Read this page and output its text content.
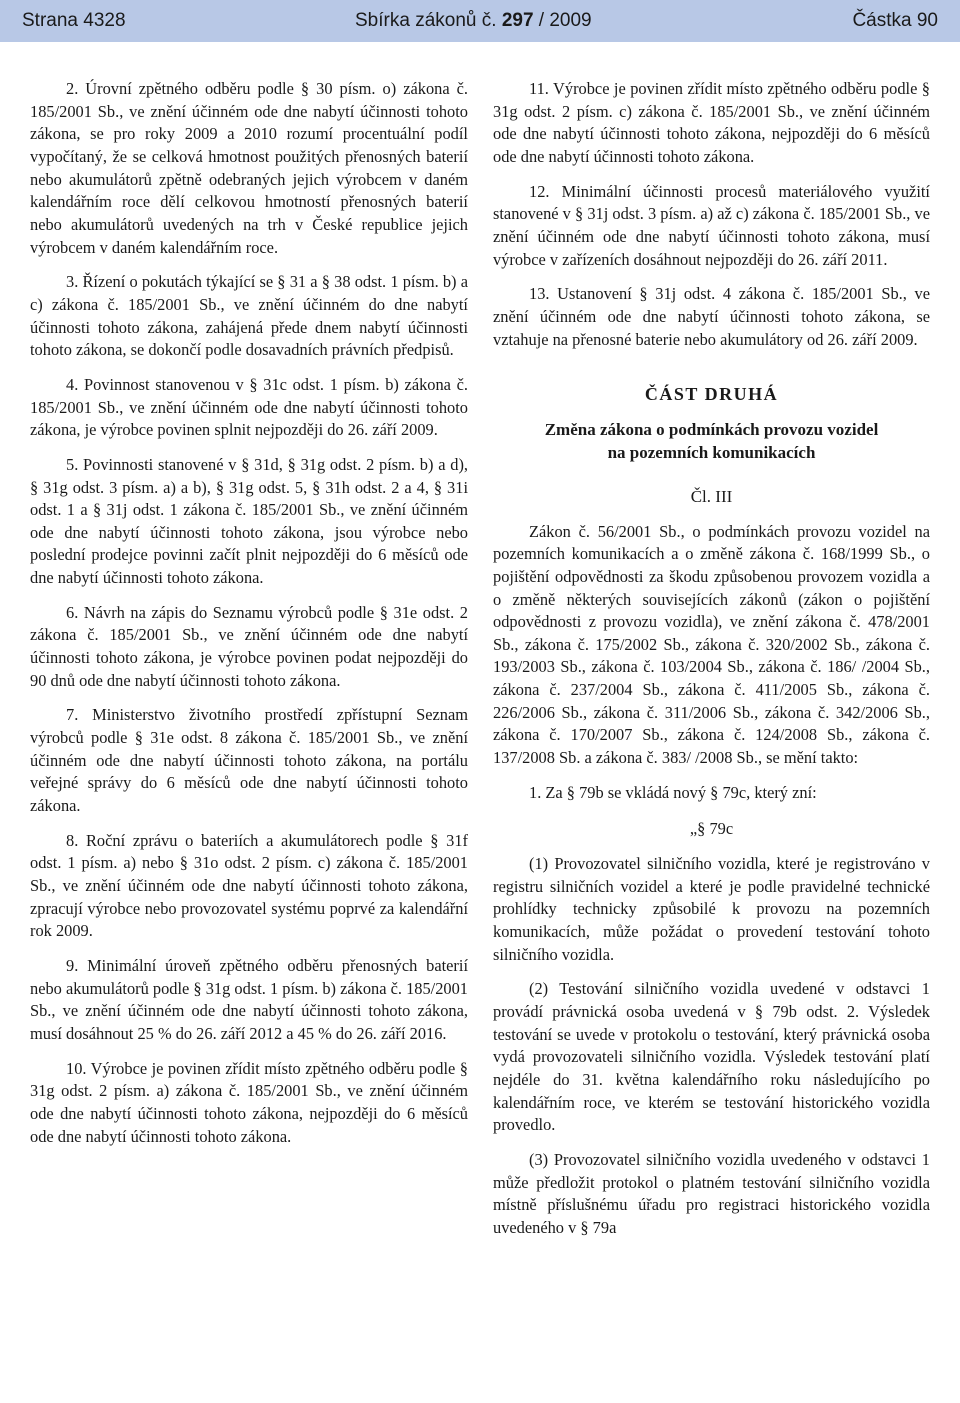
Strana 4328	Sbírka zákonů č. 297 / 2009	Částka 90

2. Úrovní zpětného odběru podle § 30 písm. o) zákona č. 185/2001 Sb., ve znění účinném ode dne nabytí účinnosti tohoto zákona, se pro roky 2009 a 2010 rozumí procentuální podíl vypočítaný, že se celková hmotnost použitých přenosných baterií nebo akumulátorů zpětně odebraných jejich výrobcem v daném kalendářním roce dělí celkovou hmotností přenosných baterií nebo akumulátorů uvedených na trh v České republice jejich výrobcem v daném kalendářním roce.

3. Řízení o pokutách týkající se § 31 a § 38 odst. 1 písm. b) a c) zákona č. 185/2001 Sb., ve znění účinném do dne nabytí účinnosti tohoto zákona, zahájená přede dnem nabytí účinnosti tohoto zákona, se dokončí podle dosavadních právních předpisů.

4. Povinnost stanovenou v § 31c odst. 1 písm. b) zákona č. 185/2001 Sb., ve znění účinném ode dne nabytí účinnosti tohoto zákona, je výrobce povinen splnit nejpozději do 26. září 2009.

5. Povinnosti stanovené v § 31d, § 31g odst. 2 písm. b) a d), § 31g odst. 3 písm. a) a b), § 31g odst. 5, § 31h odst. 2 a 4, § 31i odst. 1 a § 31j odst. 1 zákona č. 185/2001 Sb., ve znění účinném ode dne nabytí účinnosti tohoto zákona, jsou výrobce nebo poslední prodejce povinni začít plnit nejpozději do 6 měsíců ode dne nabytí účinnosti tohoto zákona.

6. Návrh na zápis do Seznamu výrobců podle § 31e odst. 2 zákona č. 185/2001 Sb., ve znění účinném ode dne nabytí účinnosti tohoto zákona, je výrobce povinen podat nejpozději do 90 dnů ode dne nabytí účinnosti tohoto zákona.

7. Ministerstvo životního prostředí zpřístupní Seznam výrobců podle § 31e odst. 8 zákona č. 185/2001 Sb., ve znění účinném ode dne nabytí účinnosti tohoto zákona, na portálu veřejné správy do 6 měsíců ode dne nabytí účinnosti tohoto zákona.

8. Roční zprávu o bateriích a akumulátorech podle § 31f odst. 1 písm. a) nebo § 31o odst. 2 písm. c) zákona č. 185/2001 Sb., ve znění účinném ode dne nabytí účinnosti tohoto zákona, zpracují výrobce nebo provozovatel systému poprvé za kalendářní rok 2009.

9. Minimální úroveň zpětného odběru přenosných baterií nebo akumulátorů podle § 31g odst. 1 písm. b) zákona č. 185/2001 Sb., ve znění účinném ode dne nabytí účinnosti tohoto zákona, musí dosáhnout 25 % do 26. září 2012 a 45 % do 26. září 2016.

10. Výrobce je povinen zřídit místo zpětného odběru podle § 31g odst. 2 písm. a) zákona č. 185/2001 Sb., ve znění účinném ode dne nabytí účinnosti tohoto zákona, nejpozději do 6 měsíců ode dne nabytí účinnosti tohoto zákona.

11. Výrobce je povinen zřídit místo zpětného odběru podle § 31g odst. 2 písm. c) zákona č. 185/2001 Sb., ve znění účinném ode dne nabytí účinnosti tohoto zákona, nejpozději do 6 měsíců ode dne nabytí účinnosti tohoto zákona.

12. Minimální účinnosti procesů materiálového využití stanovené v § 31j odst. 3 písm. a) až c) zákona č. 185/2001 Sb., ve znění účinném ode dne nabytí účinnosti tohoto zákona, musí výrobce v zařízeních dosáhnout nejpozději do 26. září 2011.

13. Ustanovení § 31j odst. 4 zákona č. 185/2001 Sb., ve znění účinném ode dne nabytí účinnosti tohoto zákona, se vztahuje na přenosné baterie nebo akumulátory od 26. září 2009.

ČÁST DRUHÁ
Změna zákona o podmínkách provozu vozidel
na pozemních komunikacích
Čl. III

Zákon č. 56/2001 Sb., o podmínkách provozu vozidel na pozemních komunikacích a o změně zákona č. 168/1999 Sb., o pojištění odpovědnosti za škodu způsobenou provozem vozidla a o změně některých souvisejících zákonů (zákon o pojištění odpovědnosti z provozu vozidla), ve znění zákona č. 478/2001 Sb., zákona č. 175/2002 Sb., zákona č. 320/2002 Sb., zákona č. 193/2003 Sb., zákona č. 103/2004 Sb., zákona č. 186/ /2004 Sb., zákona č. 237/2004 Sb., zákona č. 411/2005 Sb., zákona č. 226/2006 Sb., zákona č. 311/2006 Sb., zákona č. 342/2006 Sb., zákona č. 170/2007 Sb., zákona č. 124/2008 Sb., zákona č. 137/2008 Sb. a zákona č. 383/ /2008 Sb., se mění takto:

1. Za § 79b se vkládá nový § 79c, který zní:

„§ 79c

(1) Provozovatel silničního vozidla, které je registrováno v registru silničních vozidel a které je podle pravidelné technické prohlídky technicky způsobilé k provozu na pozemních komunikacích, může požádat o provedení testování tohoto silničního vozidla.

(2) Testování silničního vozidla uvedené v odstavci 1 provádí právnická osoba uvedená v § 79b odst. 2. Výsledek testování se uvede v protokolu o testování, který právnická osoba vydá provozovateli silničního vozidla. Výsledek testování platí nejdéle do 31. května kalendářního roku následujícího po kalendářním roce, ve kterém se testování historického vozidla provedlo.

(3) Provozovatel silničního vozidla uvedeného v odstavci 1 může předložit protokol o platném testování silničního vozidla místně příslušnému úřadu pro registraci historického vozidla uvedeného v § 79a
